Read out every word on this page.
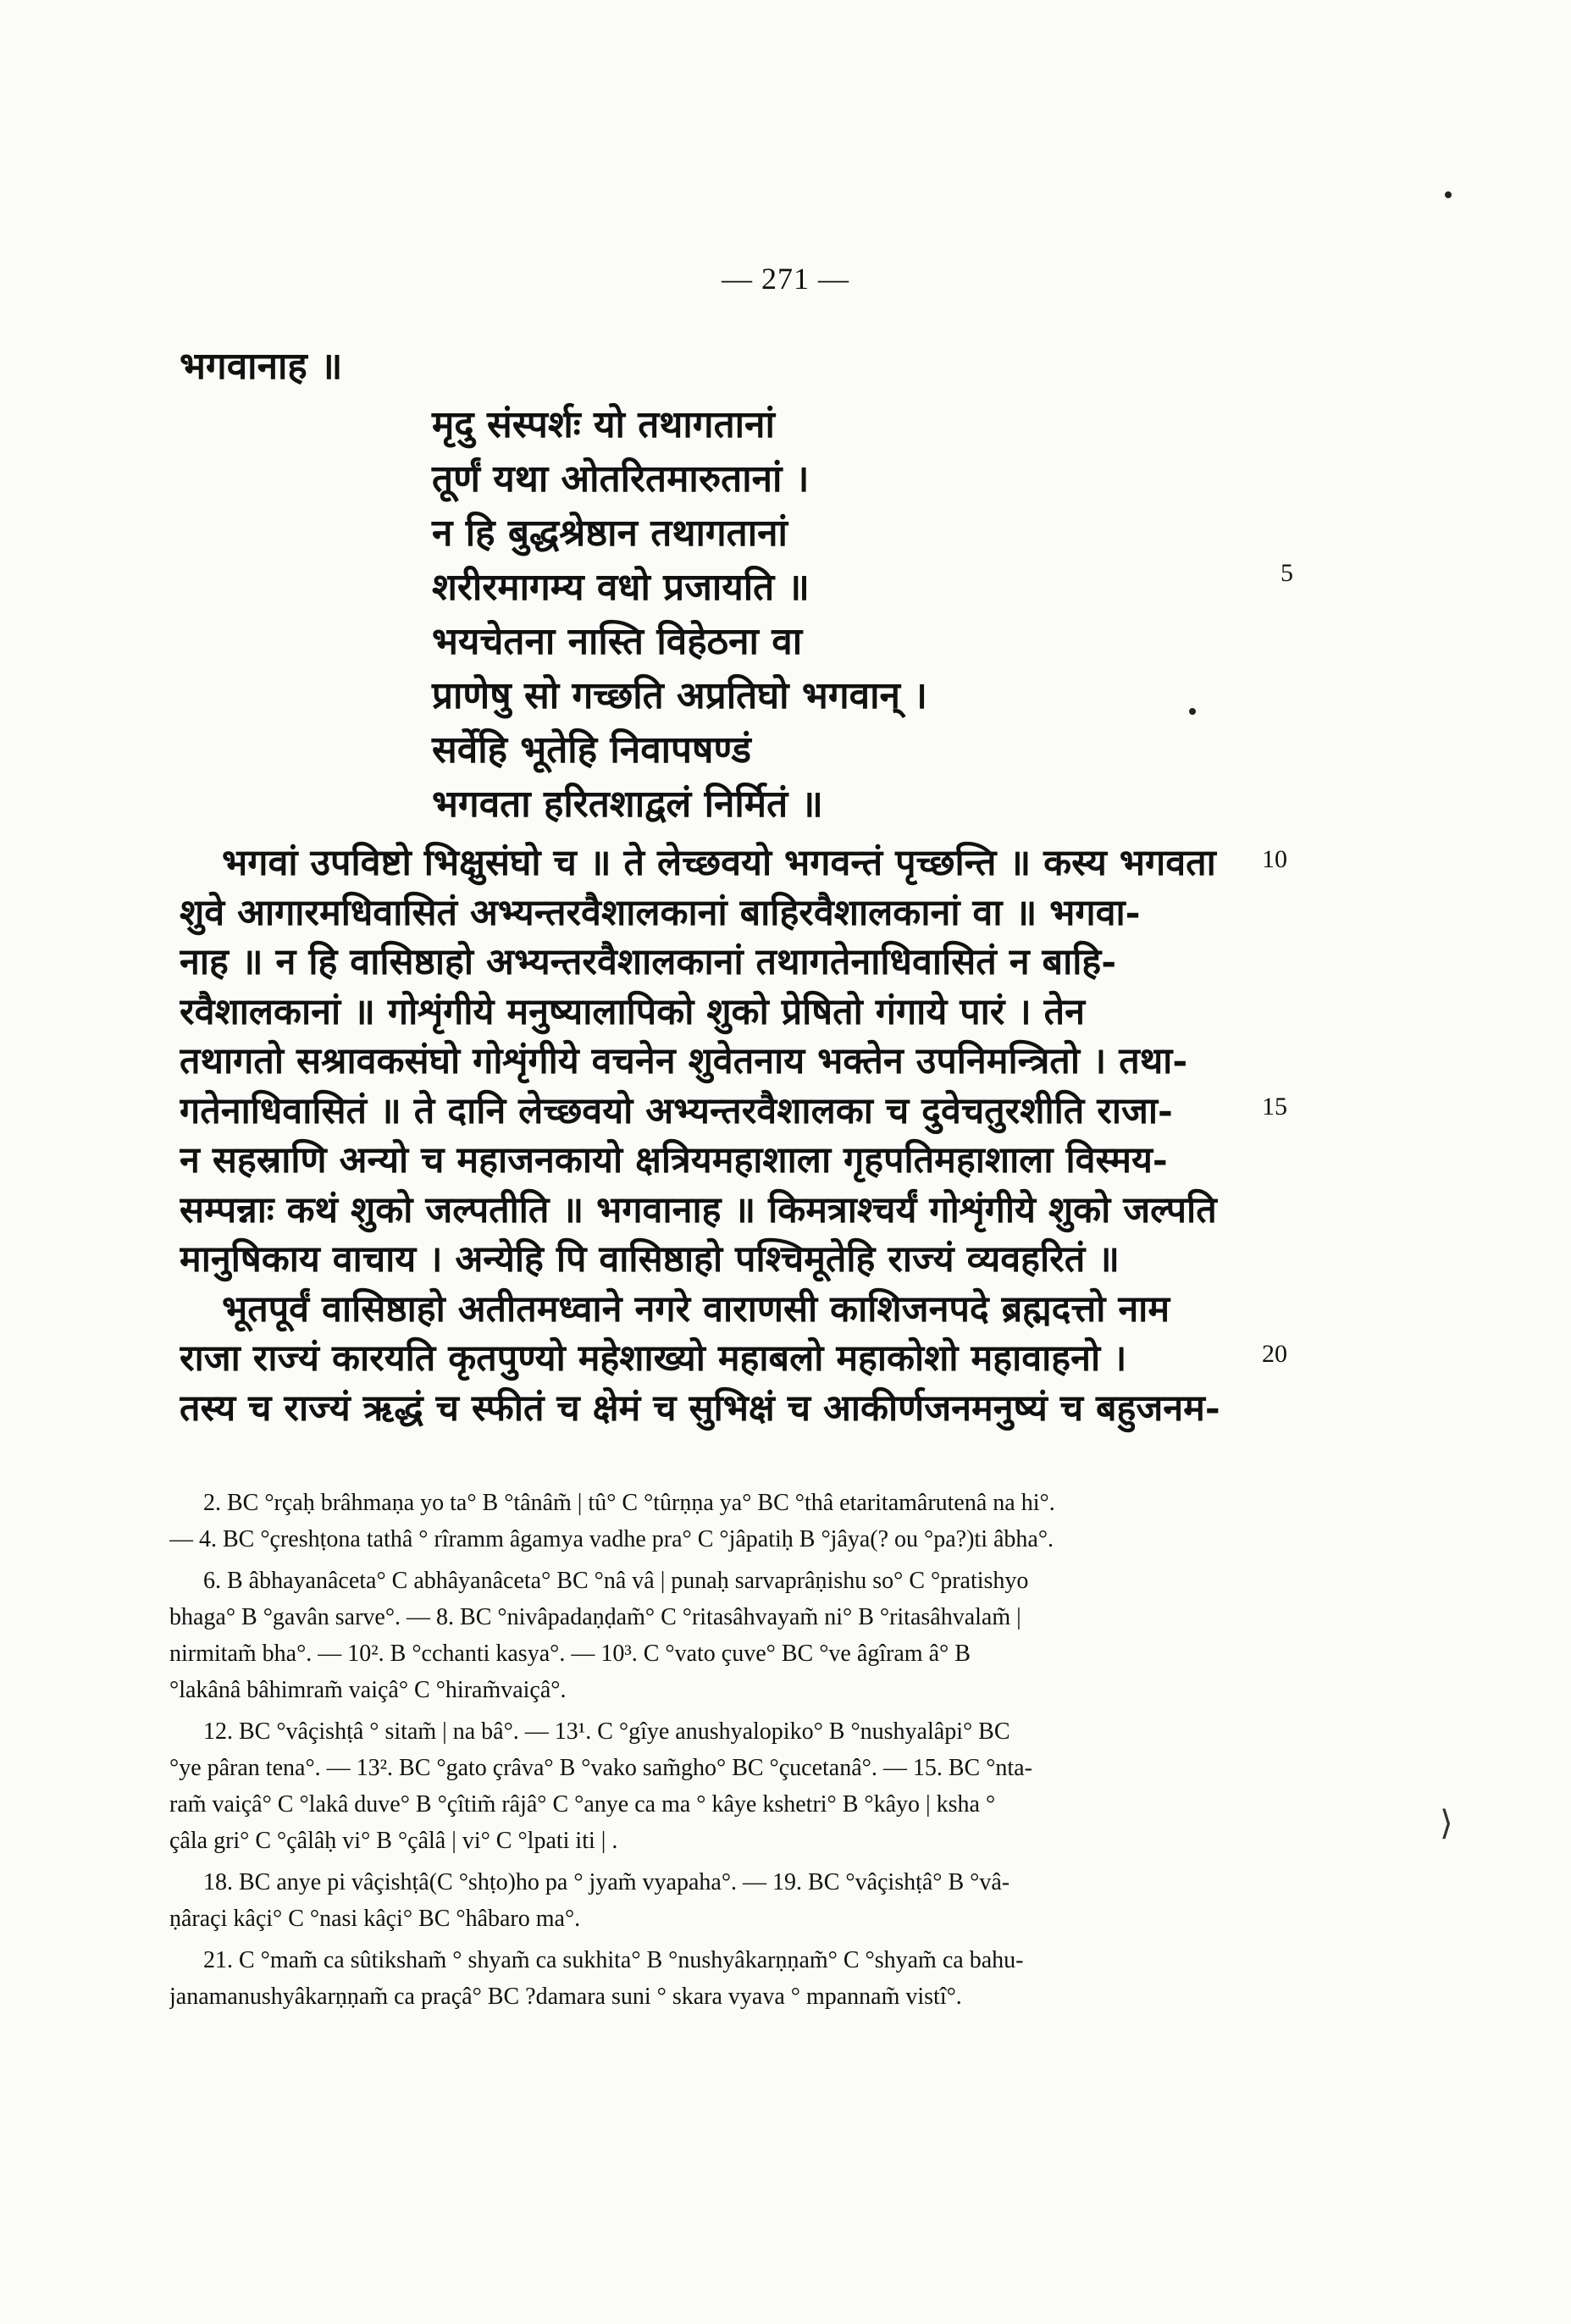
— 271 —
भगवानाह ॥
मृदु संस्पर्शः यो तथागतानां
तूर्णं यथा ओतरितमारुतानां ।
न हि बुद्धश्रेष्ठान तथागतानां
शरीरमागम्य वधो प्रजायति ॥
भयचेतना नास्ति विहेठना वा
प्राणेषु सो गच्छति अप्रतिघो भगवान् ।
सर्वेहि भूतेहि निवापषण्डं
भगवता हरितशाद्वलं निर्मितं ॥
5
भगवां उपविष्टो भिक्षुसंघो च ॥ ते लेच्छवयो भगवन्तं पृच्छन्ति ॥ कस्य भगवता
शुवे आगारमधिवासितं अभ्यन्तरवैशालकानां बाहिरवैशालकानां वा ॥ भगवा-
नाह ॥ न हि वासिष्ठाहो अभ्यन्तरवैशालकानां तथागतेनाधिवासितं न बाहि-
रवैशालकानां ॥ गोशृंगीये मनुष्यालापिको शुको प्रेषितो गंगाये पारं । तेन
तथागतो सश्रावकसंघो गोशृंगीये वचनेन शुवेतनाय भक्तेन उपनिमन्त्रितो । तथा-
गतेनाधिवासितं ॥ ते दानि लेच्छवयो अभ्यन्तरवैशालका च दुवेचतुरशीति राजा-
न सहस्राणि अन्यो च महाजनकायो क्षत्रियमहाशाला गृहपतिमहाशाला विस्मय-
सम्पन्नाः कथं शुको जल्पतीति ॥ भगवानाह ॥ किमत्राश्चर्यं गोशृंगीये शुको जल्पति
मानुषिकाय वाचाय । अन्येहि पि वासिष्ठाहो पश्चिमूतेहि राज्यं व्यवहरितं ॥
भूतपूर्वं वासिष्ठाहो अतीतमध्वाने नगरे वाराणसी काशिजनपदे ब्रह्मदत्तो नाम
राजा राज्यं कारयति कृतपुण्यो महेशाख्यो महाबलो महाकोशो महावाहनो ।
तस्य च राज्यं ऋद्धं च स्फीतं च क्षेमं च सुभिक्षं च आकीर्णजनमनुष्यं च बहुजनम-
10
15
20
2. BC °rçaḥ brâhmaṇa yo ta° B °tânâm̃ | tû° C °tûrṇṇa ya° BC °thâ etaritamârutenâ na hi°.
— 4. BC °çreshṭona tathâ ° rîramm âgamya vadhe pra° C °jâpatiḥ B °jâya(? ou °pa?)ti âbha°.
6. B âbhayanâceta° C abhâyanâceta° BC °nâ vâ | punaḥ sarvaprâṇishu so° C °pratishyo
bhaga° B °gavân sarve°. — 8. BC °nivâpadaṇḍam̃° C °ritasâhvayam̃ ni° B °ritasâhvalam̃ |
nirmitam̃ bha°. — 10². B °cchanti kasya°. — 10³. C °vato çuve° BC °ve âgîram â° B
°lakânâ bâhimram̃ vaiçâ° C °hiram̃vaiçâ°.
12. BC °vâçishṭâ ° sitam̃ | na bâ°. — 13¹. C °gîye anushyalopiko° B °nushyalâpi° BC
°ye pâran tena°. — 13². BC °gato çrâva° B °vako sam̃gho° BC °çucetanâ°. — 15. BC °nta-
ram̃ vaiçâ° C °lakâ duve° B °çîtim̃ râjâ° C °anye ca ma ° kâye kshetri° B °kâyo | ksha °
çâla gri° C °çâlâḥ vi° B °çâlâ | vi° C °lpati iti | .
18. BC anye pi vâçishṭâ(C °shṭo)ho pa ° jyam̃ vyapaha°. — 19. BC °vâçishṭâ° B °vâ-
ṇâraçi kâçi° C °nasi kâçi° BC °hâbaro ma°.
21. C °mam̃ ca sûtiksham̃ ° shyam̃ ca sukhita° B °nushyâkarṇṇam̃° C °shyam̃ ca bahu-
janamanushyâkarṇṇam̃ ca praçâ° BC ?damara suni ° skara vyava ° mpannam̃ vistî°.
⟩
